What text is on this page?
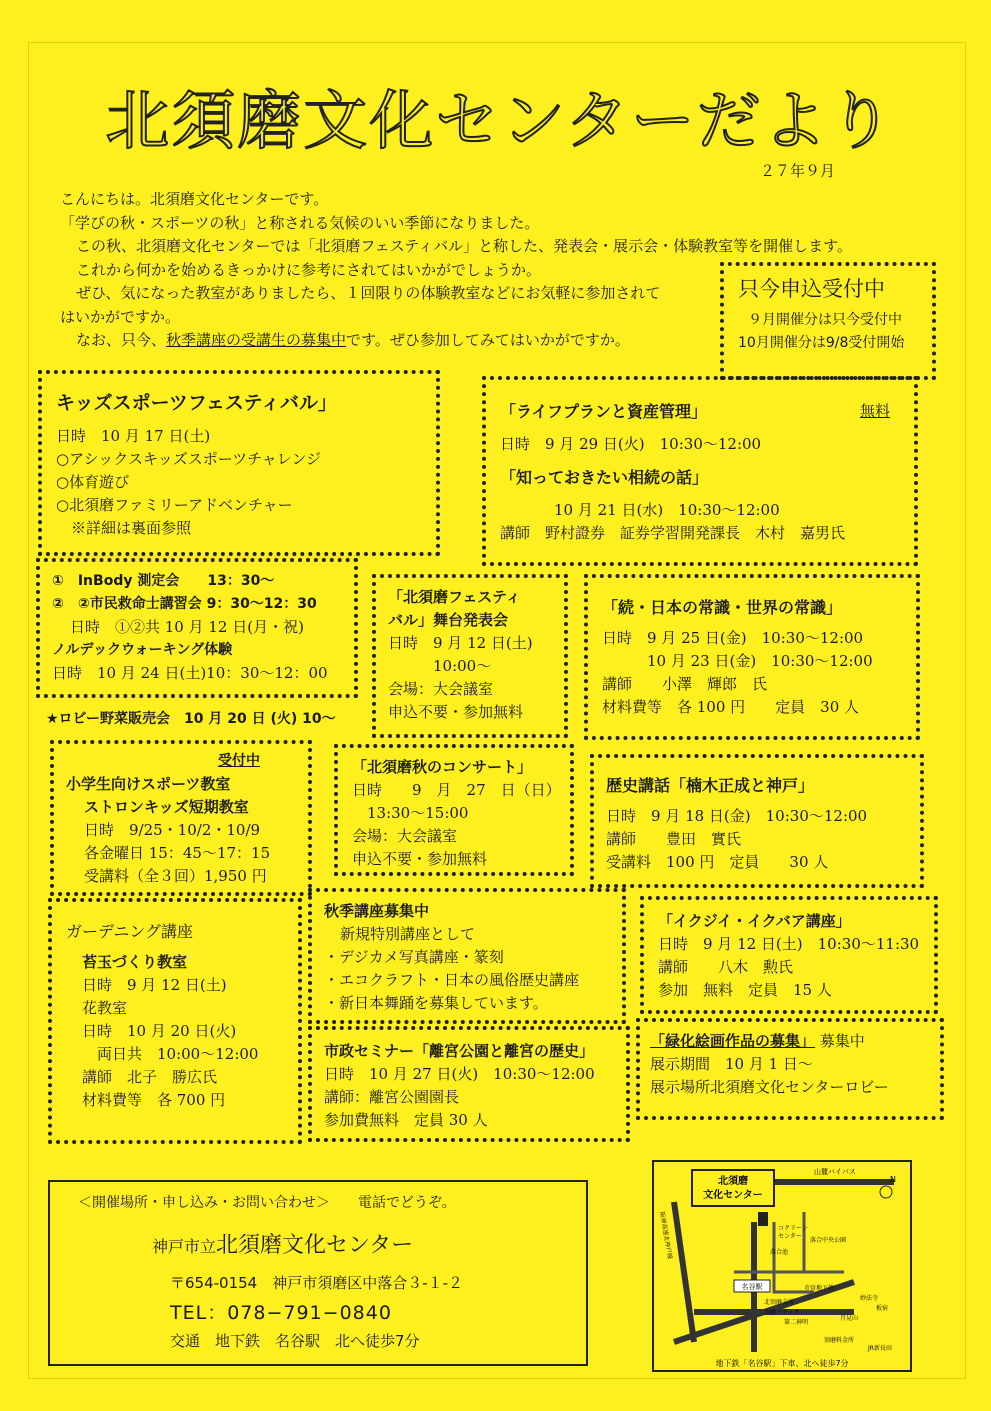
北須磨文化センターだより
２７年９月

こんにちは。北須磨文化センターです。

「学びの秋・スポーツの秋」と称される気候のいい季節になりました。

この秋、北須磨文化センターでは「北須磨フェスティバル」と称した、発表会・展示会・体験教室等を開催します。

これから何かを始めるきっかけに参考にされてはいかがでしょうか。

ぜひ、気になった教室がありましたら、１回限りの体験教室などにお気軽に参加されて

はいかがですか。

なお、只今、秋季講座の受講生の募集中です。ぜひ参加してみてはいかがですか。

只今申込受付中

９月開催分は只今受付中

10月開催分は9/8受付開始

キッズスポーツフェスティバル」

日時　10 月 17 日(土)

○アシックスキッズスポーツチャレンジ

○体育遊び

○北須磨ファミリーアドベンチャー

　※詳細は裏面参照

「ライフプランと資産管理」	無料

日時　9 月 29 日(火)　10:30〜12:00

「知っておきたい相続の話」

10 月 21 日(水)　10:30〜12:00

講師　野村證券　証券学習開発課長　木村　嘉男氏

①　InBody 測定会　　13：30〜

②　②市民救命士講習会 9：30〜12：30

日時　①②共 10 月 12 日(月・祝)

ノルデックウォーキング体験

日時　10 月 24 日(土)10：30〜12：00

★ロビー野菜販売会　10 月 20 日 (火) 10〜
「北須磨フェスティ
バル」舞台発表会

日時　9 月 12 日(土)

　　　10:00〜

会場：大会議室

申込不要・参加無料

「続・日本の常識・世界の常識」

日時　9 月 25 日(金)　10:30〜12:00

　　　10 月 23 日(金)　10:30〜12:00

講師　　小澤　輝郎　氏

材料費等　各 100 円　　定員　30 人

受付中

小学生向けスポーツ教室
ストロンキッズ短期教室

日時　9/25・10/2・10/9

各金曜日 15：45〜17：15

受講料（全３回）1,950 円

「北須磨秋のコンサート」

日時　　9　月　27　日（日）

　13:30〜15:00

会場：大会議室

申込不要・参加無料

歴史講話「楠木正成と神戸」

日時　9 月 18 日(金)　10:30〜12:00

講師　　豊田　實氏

受講料　100 円　定員　　30 人

ガーデニング講座

苔玉づくり教室

日時　9 月 12 日(土)

花教室

日時　10 月 20 日(火)

　両日共　10:00〜12:00

講師　北子　勝広氏

材料費等　各 700 円

秋季講座募集中

新規特別講座として

・デジカメ写真講座・篆刻

・エコクラフト・日本の風俗歴史講座

・新日本舞踊を募集しています。

「イクジイ・イクバア講座」

日時　9 月 12 日(土)　10:30〜11:30

講師　　八木　勲氏

参加　無料　定員　15 人

市政セミナー「離宮公園と離宮の歴史」

日時　10 月 27 日(火)　10:30〜12:00

講師：離宮公園園長

参加費無料　定員 30 人

「緑化絵画作品の募集」 募集中

展示期間　10 月 1 日〜

展示場所北須磨文化センターロビー

＜開催場所・申し込み・お問い合わせ＞　　電話でどうぞ。

神戸市立北須磨文化センター

〒654-0154　神戸市須磨区中落合３-１-２

TEL：078−791−0840

交通　地下鉄　名谷駅　北へ徒歩7分

北須磨
文化センター
山麓バイパス
N
名谷駅
阪神高速北神戸線	コクリーン
センター
落合池
落合中央公園
市営地下鉄
北須磨支所
須磨パティオ
第二神明
妙法寺
板宿
月見山
須磨料金所
JR新長田
地下鉄「名谷駅」下車、北へ徒歩7分
